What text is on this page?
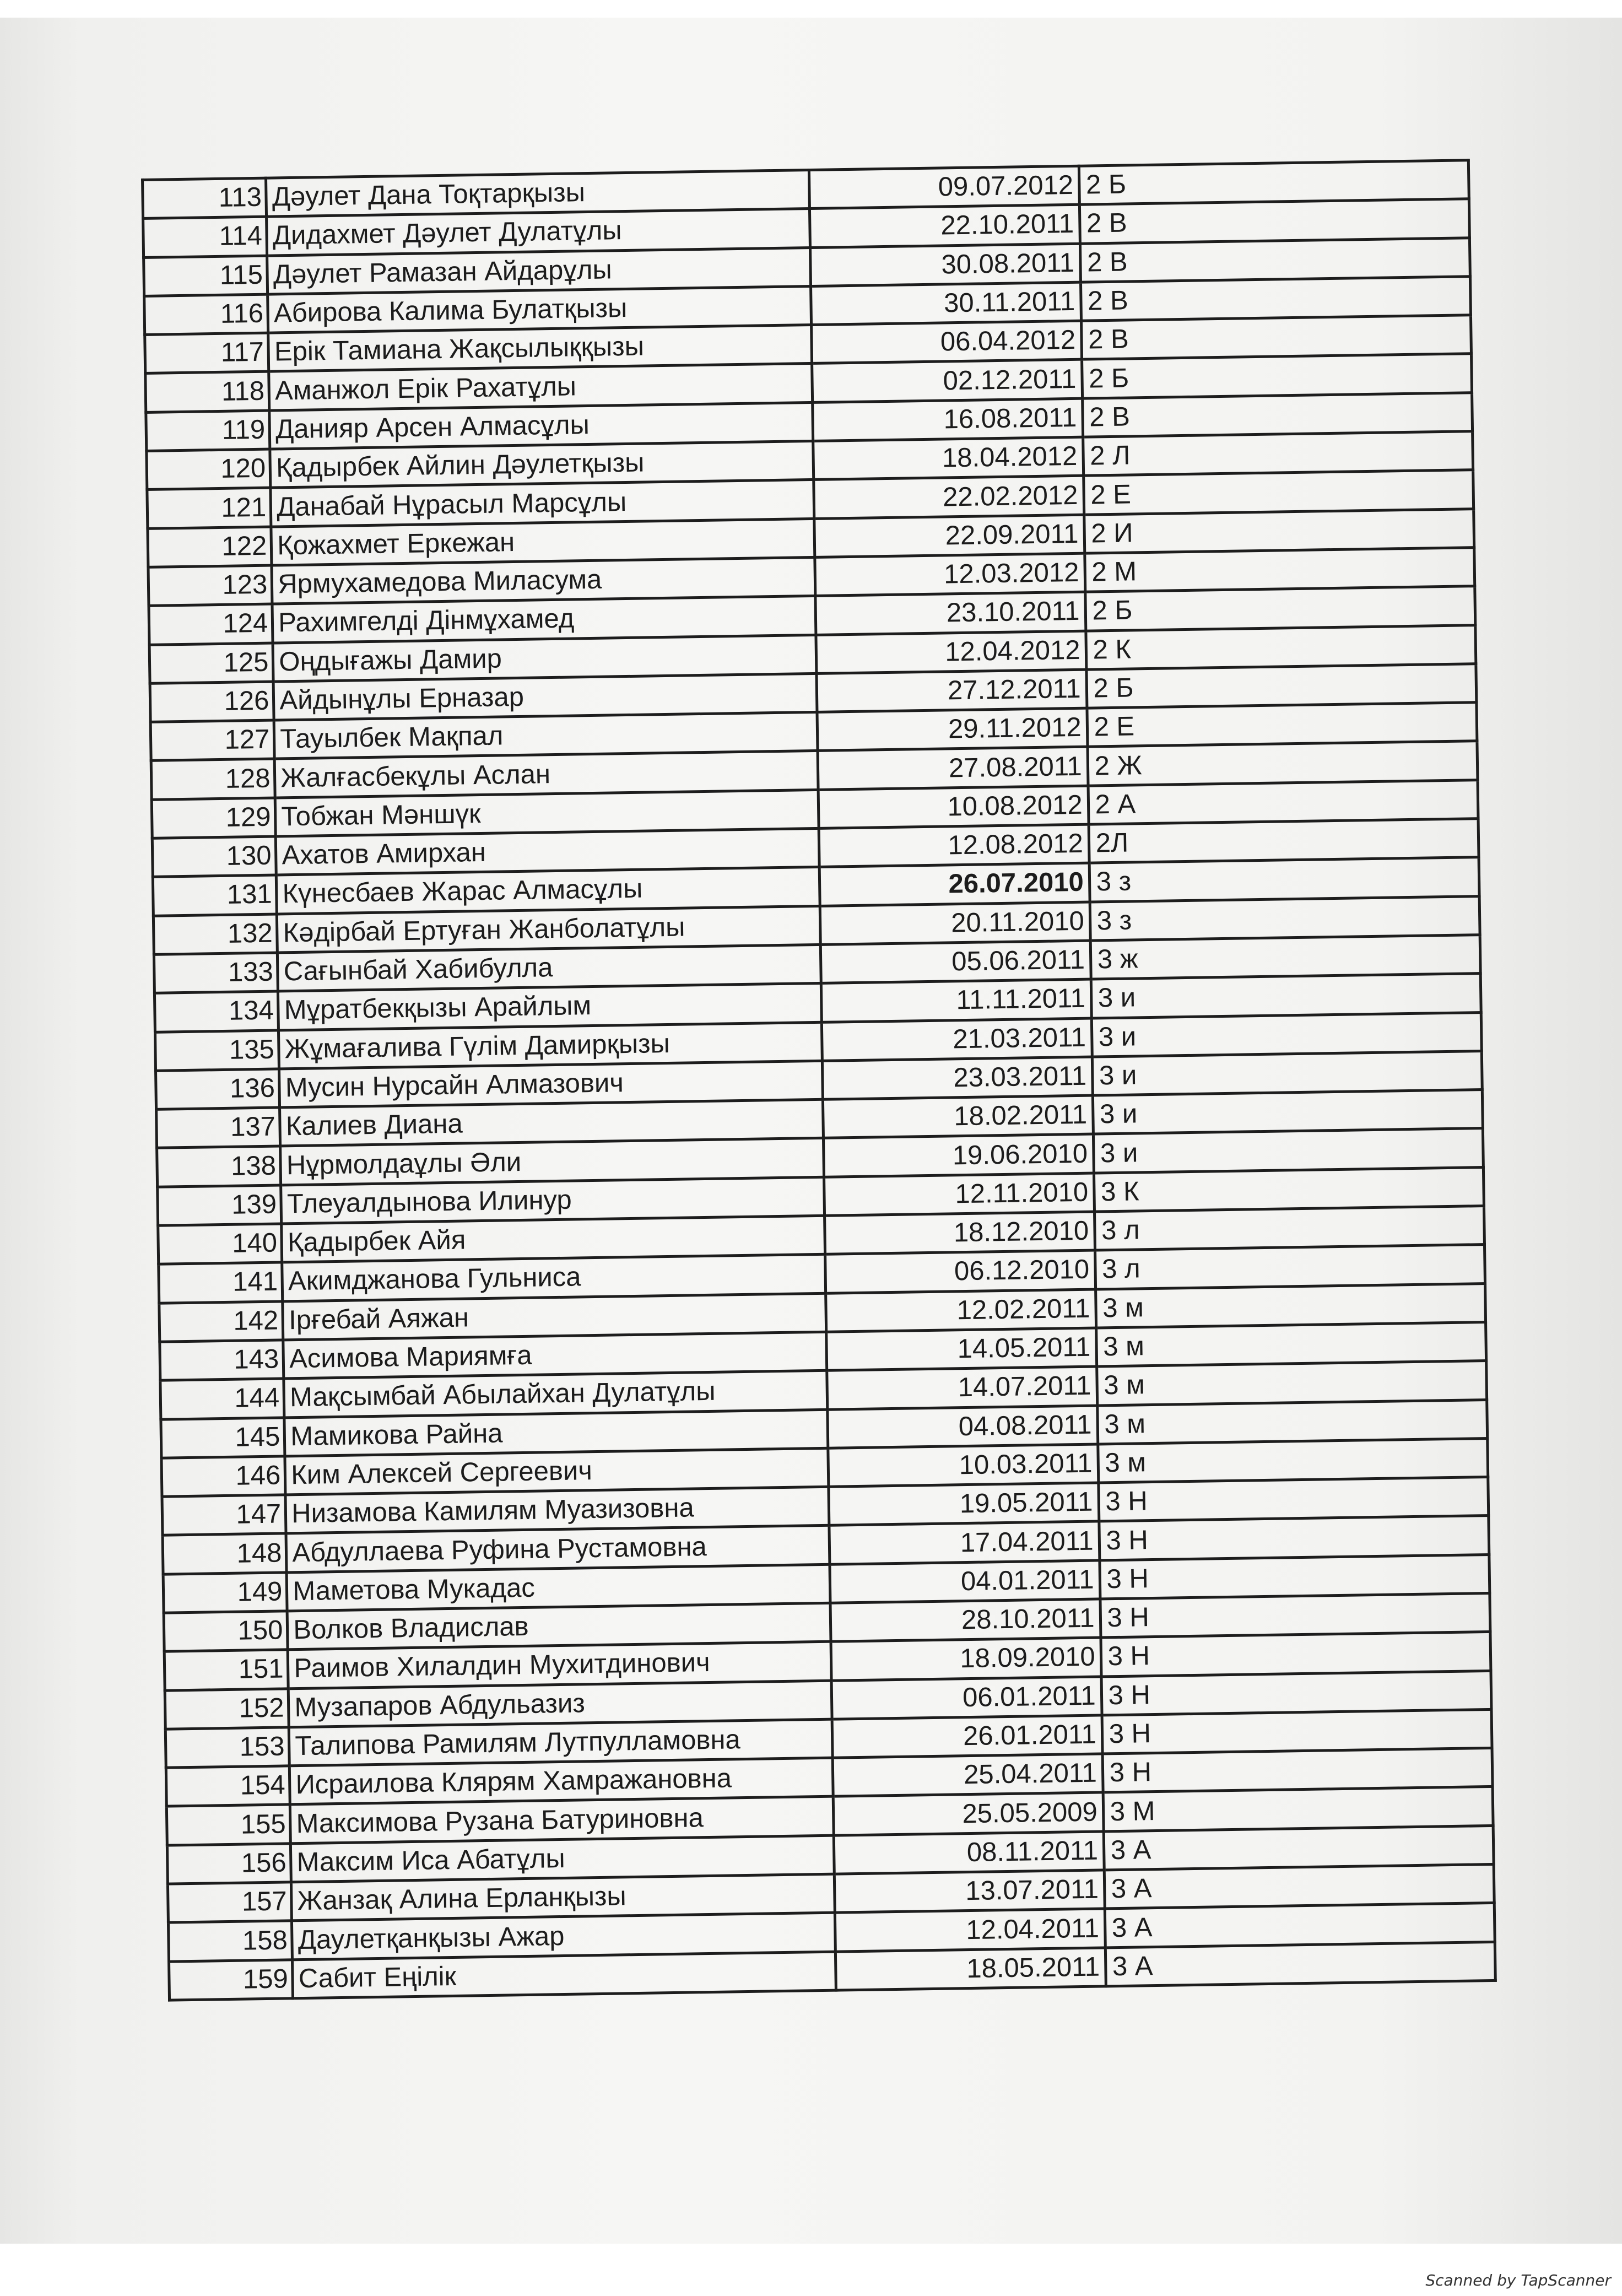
113	Дәулет Дана Тоқтарқызы	09.07.2012	2 Б
114	Дидахмет Дәулет Дулатұлы	22.10.2011	2 В
115	Дәулет Рамазан Айдарұлы	30.08.2011	2 В
116	Абирова Калима Булатқызы	30.11.2011	2 В
117	Ерік Тамиана Жақсылыққызы	06.04.2012	2 В
118	Аманжол Ерік Рахатұлы	02.12.2011	2 Б
119	Данияр Арсен Алмасұлы	16.08.2011	2 В
120	Қадырбек Айлин Дәулетқызы	18.04.2012	2 Л
121	Данабай Нұрасыл Марсұлы	22.02.2012	2 Е
122	Қожахмет Еркежан	22.09.2011	2 И
123	Ярмухамедова Миласума	12.03.2012	2 М
124	Рахимгелді Дінмұхамед	23.10.2011	2 Б
125	Оңдығажы Дамир	12.04.2012	2 К
126	Айдынұлы Ерназар	27.12.2011	2 Б
127	Тауылбек Мақпал	29.11.2012	2 Е
128	Жалғасбекұлы Аслан	27.08.2011	2 Ж
129	Тобжан Мәншүк	10.08.2012	2 А
130	Ахатов Амирхан	12.08.2012	2Л
131	Күнесбаев Жарас Алмасұлы	26.07.2010	3 з
132	Кәдірбай Ертуған Жанболатұлы	20.11.2010	3 з
133	Сағынбай Хабибулла	05.06.2011	3 ж
134	Мұратбекқызы Арайлым	11.11.2011	3 и
135	Жұмағалива Гүлім Дамирқызы	21.03.2011	3 и
136	Мусин Нурсайн Алмазович	23.03.2011	3 и
137	Калиев Диана	18.02.2011	3 и
138	Нұрмолдаұлы Әли	19.06.2010	3 и
139	Тлеуалдынова Илинур	12.11.2010	3 К
140	Қадырбек Айя	18.12.2010	3 л
141	Акимджанова Гульниса	06.12.2010	3 л
142	Ірғебай Аяжан	12.02.2011	3 м
143	Асимова Мариямға	14.05.2011	3 м
144	Мақсымбай Абылайхан Дулатұлы	14.07.2011	3 м
145	Мамикова Райна	04.08.2011	3 м
146	Ким Алексей Сергеевич	10.03.2011	3 м
147	Низамова Камилям Муазизовна	19.05.2011	3 Н
148	Абдуллаева Руфина Рустамовна	17.04.2011	3 Н
149	Маметова Мукадас	04.01.2011	3 Н
150	Волков Владислав	28.10.2011	3 Н
151	Раимов Хилалдин Мухитдинович	18.09.2010	3 Н
152	Музапаров Абдульазиз	06.01.2011	3 Н
153	Талипова Рамилям Лутпулламовна	26.01.2011	3 Н
154	Исраилова Клярям Хамражановна	25.04.2011	3 Н
155	Максимова Рузана Батуриновна	25.05.2009	3 М
156	Максим Иса Абатұлы	08.11.2011	3 А
157	Жанзақ Алина Ерланқызы	13.07.2011	3 А
158	Даулетқанқызы Ажар	12.04.2011	3 А
159	Сабит Еңілік	18.05.2011	3 А
Scanned by TapScanner
